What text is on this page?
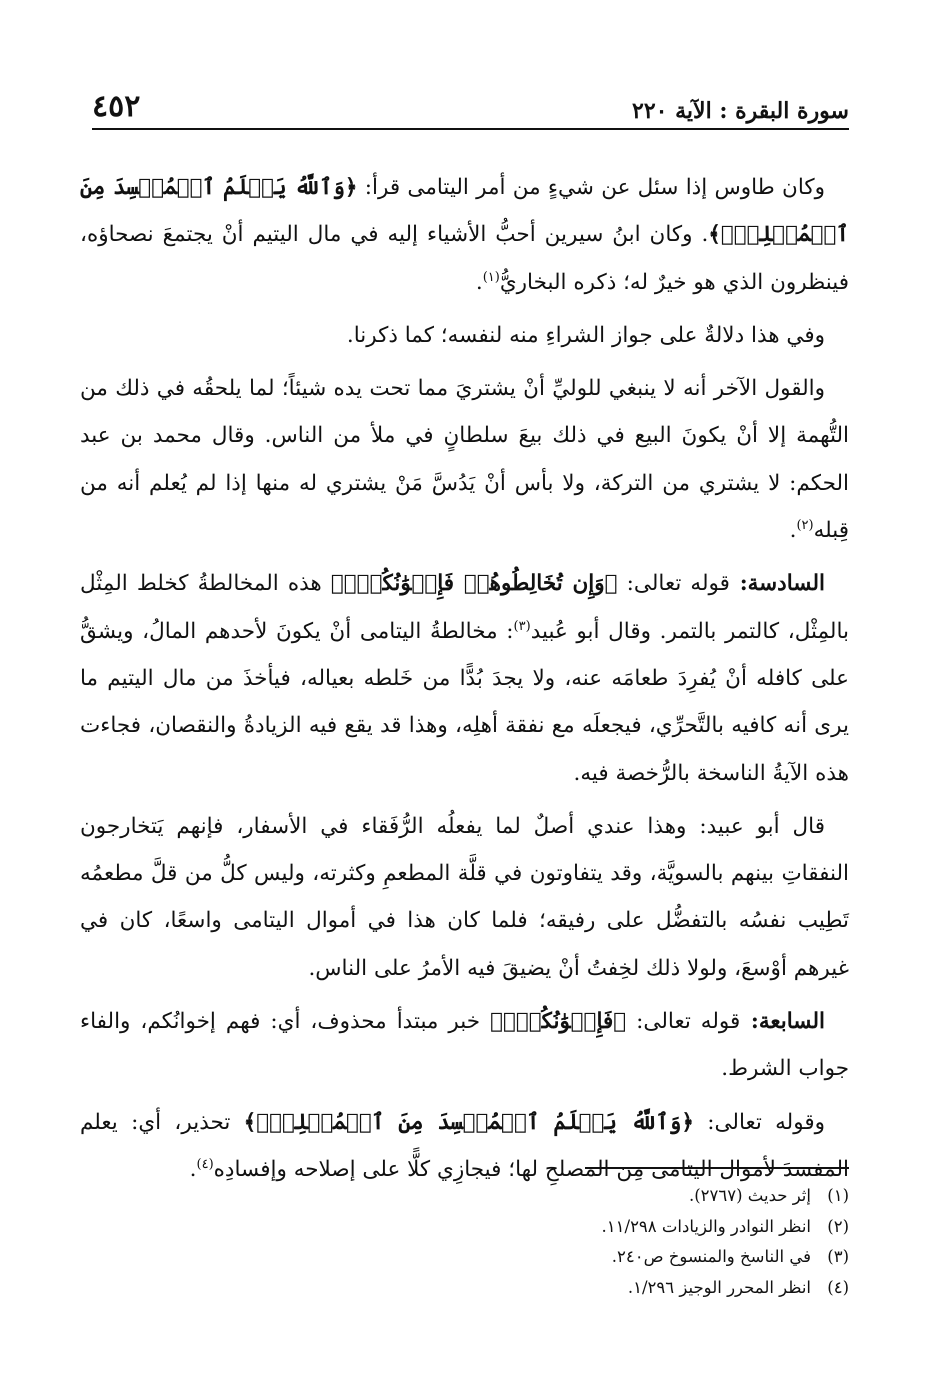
سورة البقرة : الآية ٢٢٠
٤٥٢

وكان طاوس إذا سئل عن شيءٍ من أمر اليتامى قرأ: ﴿وَٱللَّهُ يَعۡلَمُ ٱلۡمُفۡسِدَ مِنَ ٱلۡمُصۡلِحِۚ﴾. وكان ابنُ سيرين أحبُّ الأشياء إليه في مال اليتيم أنْ يجتمعَ نصحاؤه، فينظرون الذي هو خيرٌ له؛ ذكره البخاريُّ$^{(١)}$.

وفي هذا دلالةٌ على جواز الشراءِ منه لنفسه؛ كما ذكرنا.

والقول الآخر أنه لا ينبغي للوليِّ أنْ يشتريَ مما تحت يده شيئاً؛ لما يلحقُه في ذلك من التُّهمة إلا أنْ يكونَ البيع في ذلك بيعَ سلطانٍ في ملأ من الناس. وقال محمد بن عبد الحكم: لا يشتري من التركة، ولا بأس أنْ يَدُسَّ مَنْ يشتري له منها إذا لم يُعلم أنه من قِبله$^{(٢)}$.

السادسة: قوله تعالى: ﴿وَإِن تُخَالِطُوهُمۡ فَإِخۡوَٰنُكُمۡۚ﴾ هذه المخالطةُ كخلط المِثْل بالمِثْل، كالتمر بالتمر. وقال أبو عُبيد$^{(٣)}$: مخالطةُ اليتامى أنْ يكونَ لأحدهم المالُ، ويشقُّ على كافله أنْ يُفرِدَ طعامَه عنه، ولا يجدَ بُدًّا من خَلطه بعياله، فيأخذَ من مال اليتيم ما يرى أنه كافيه بالتَّحرِّي، فيجعلَه مع نفقة أهلِه، وهذا قد يقع فيه الزيادةُ والنقصان، فجاءت هذه الآيةُ الناسخة بالرُّخصة فيه.

قال أبو عبيد: وهذا عندي أصلٌ لما يفعلُه الرُّفَقاء في الأسفار، فإنهم يَتخارجون النفقاتِ بينهم بالسويَّة، وقد يتفاوتون في قلَّة المطعمِ وكثرته، وليس كلُّ من قلَّ مطعمُه تَطِيب نفسُه بالتفضُّل على رفيقه؛ فلما كان هذا في أموال اليتامى واسعًا، كان في غيرهم أوْسعَ، ولولا ذلك لخِفتُ أنْ يضيقَ فيه الأمرُ على الناس.

السابعة: قوله تعالى: ﴿فَإِخۡوَٰنُكُمۡۚ﴾ خبر مبتدأ محذوف، أي: فهم إخوانُكم، والفاء جواب الشرط.

وقوله تعالى: ﴿وَٱللَّهُ يَعۡلَمُ ٱلۡمُفۡسِدَ مِنَ ٱلۡمُصۡلِحِۚ﴾ تحذير، أي: يعلم المفسدَ لأموال اليتامى مِن المصلحِ لها؛ فيجازِي كلًّا على إصلاحه وإفسادِه$^{(٤)}$.

(١)
إثر حديث (٢٧٦٧).
(٢)
انظر النوادر والزيادات ١١/٢٩٨.
(٣)
في الناسخ والمنسوخ ص٢٤٠.
(٤)
انظر المحرر الوجيز ١/٢٩٦.
